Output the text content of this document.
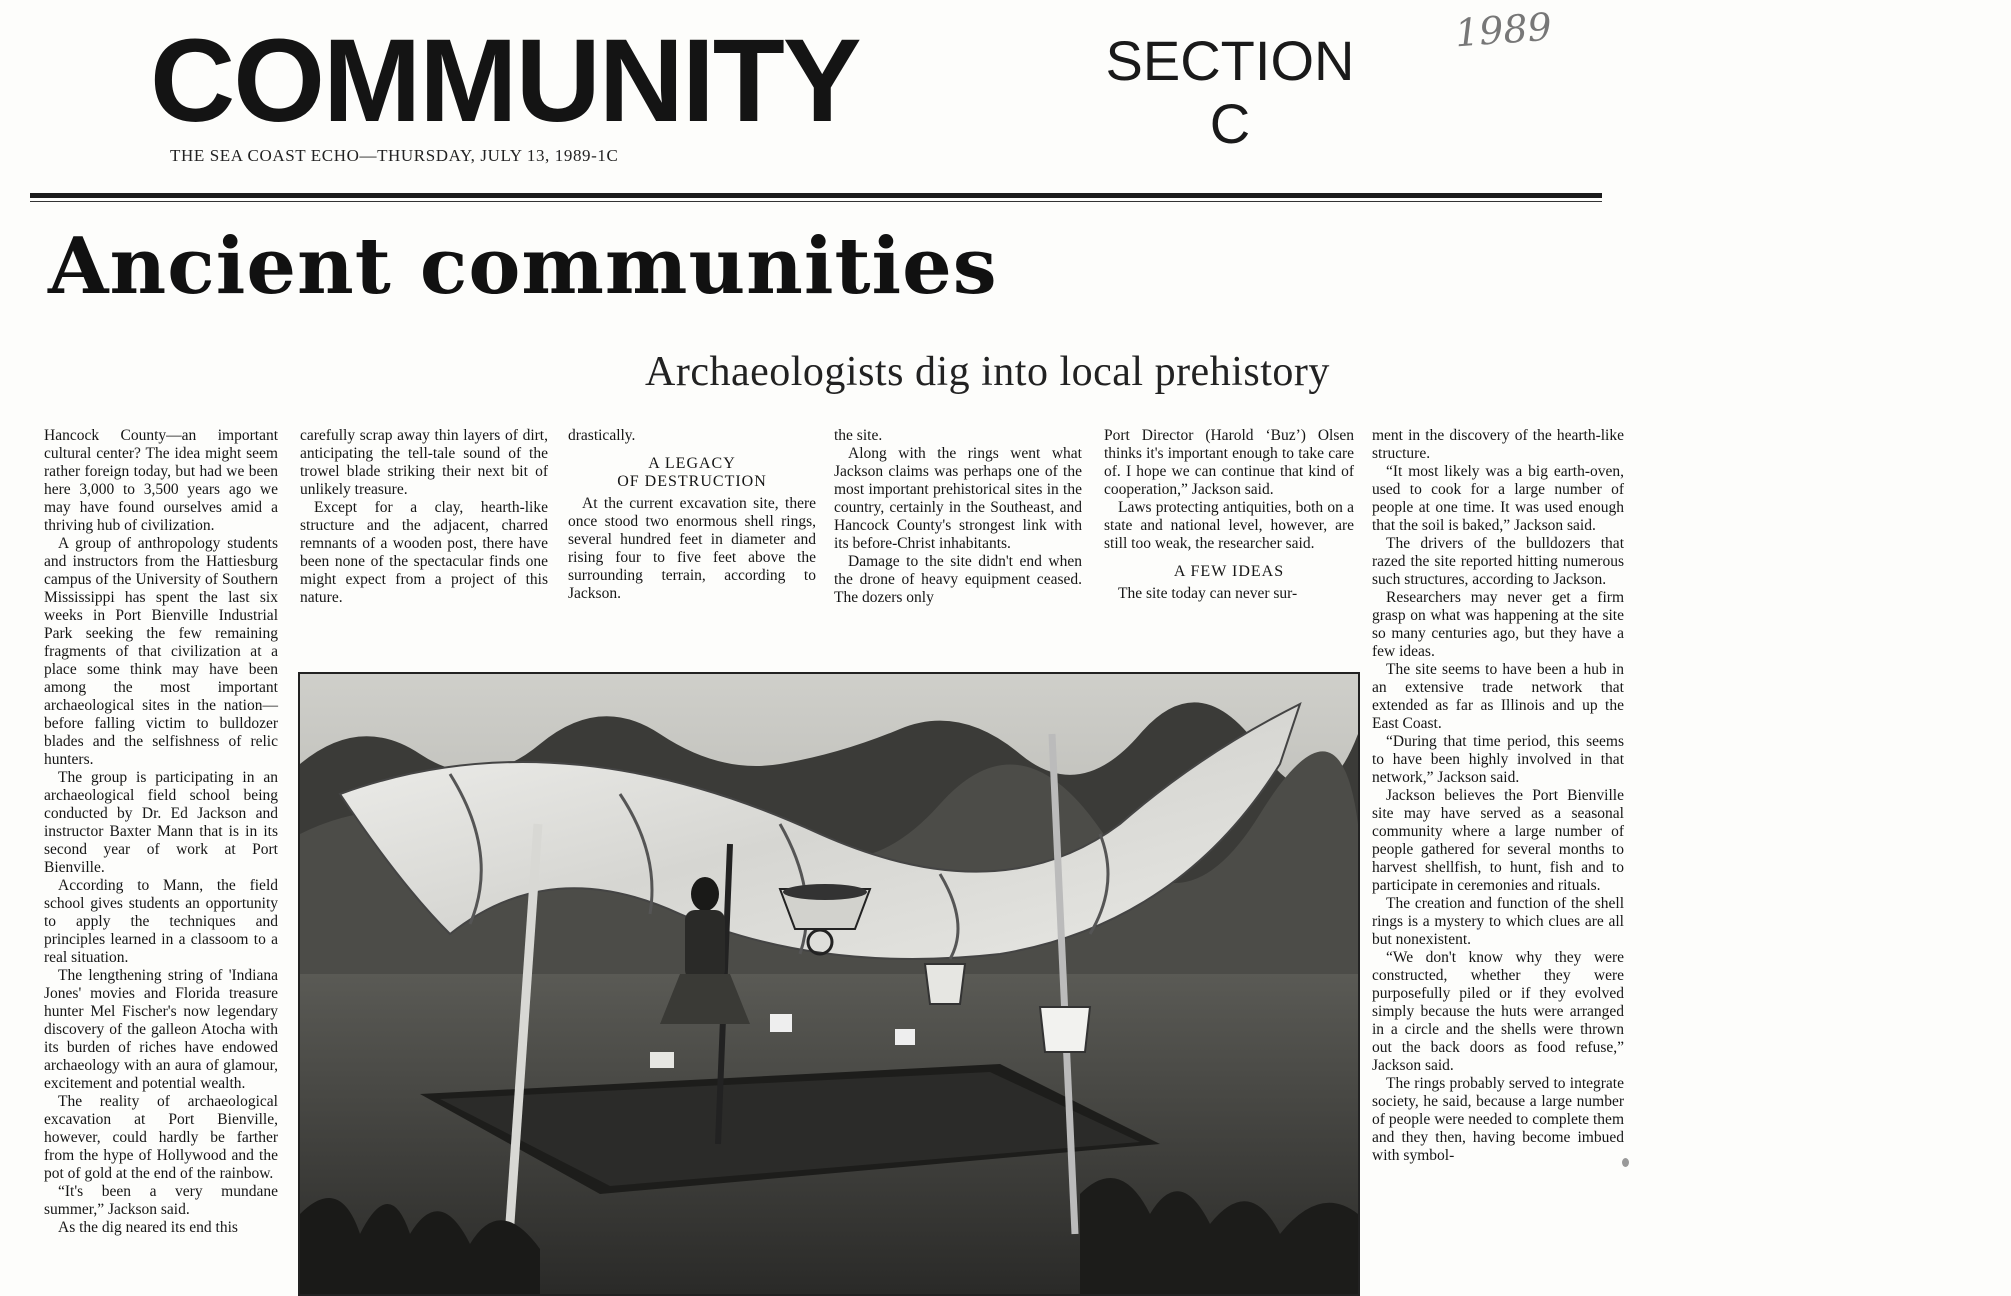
1989
COMMUNITY	SECTION
C
THE SEA COAST ECHO—THURSDAY, JULY 13, 1989-1C
Ancient communities
Archaeologists dig into local prehistory

Hancock County—an important cultural center? The idea might seem rather foreign today, but had we been here 3,000 to 3,500 years ago we may have found ourselves amid a thriving hub of civilization.

A group of anthropology students and instructors from the Hattiesburg campus of the University of Southern Mississippi has spent the last six weeks in Port Bienville Industrial Park seeking the few remaining fragments of that civilization at a place some think may have been among the most important archaeological sites in the nation—before falling victim to bulldozer blades and the selfishness of relic hunters.

The group is participating in an archaeological field school being conducted by Dr. Ed Jackson and instructor Baxter Mann that is in its second year of work at Port Bienville.

According to Mann, the field school gives students an opportunity to apply the techniques and principles learned in a classoom to a real situation.

The lengthening string of 'Indiana Jones' movies and Florida treasure hunter Mel Fischer's now legendary discovery of the galleon Atocha with its burden of riches have endowed archaeology with an aura of glamour, excitement and potential wealth.

The reality of archaeological excavation at Port Bienville, however, could hardly be farther from the hype of Hollywood and the pot of gold at the end of the rainbow.

“It's been a very mundane summer,” Jackson said.

As the dig neared its end this

carefully scrap away thin layers of dirt, anticipating the tell-tale sound of the trowel blade striking their next bit of unlikely treasure.

Except for a clay, hearth-like structure and the adjacent, charred remnants of a wooden post, there have been none of the spectacular finds one might expect from a project of this nature.

drastically.

A LEGACY
OF DESTRUCTION

At the current excavation site, there once stood two enormous shell rings, several hundred feet in diameter and rising four to five feet above the surrounding terrain, according to Jackson.

the site.

Along with the rings went what Jackson claims was perhaps one of the most important prehistorical sites in the country, certainly in the Southeast, and Hancock County's strongest link with its before-Christ inhabitants.

Damage to the site didn't end when the drone of heavy equipment ceased. The dozers only

Port Director (Harold ‘Buz’) Olsen thinks it's important enough to take care of. I hope we can continue that kind of cooperation,” Jackson said.

Laws protecting antiquities, both on a state and national level, however, are still too weak, the researcher said.

A FEW IDEAS

The site today can never sur-

ment in the discovery of the hearth-like structure.

“It most likely was a big earth-oven, used to cook for a large number of people at one time. It was used enough that the soil is baked,” Jackson said.

The drivers of the bulldozers that razed the site reported hitting numerous such structures, according to Jackson.

Researchers may never get a firm grasp on what was happening at the site so many centuries ago, but they have a few ideas.

The site seems to have been a hub in an extensive trade network that extended as far as Illinois and up the East Coast.

“During that time period, this seems to have been highly involved in that network,” Jackson said.

Jackson believes the Port Bienville site may have served as a seasonal community where a large number of people gathered for several months to harvest shellfish, to hunt, fish and to participate in ceremonies and rituals.

The creation and function of the shell rings is a mystery to which clues are all but nonexistent.

“We don't know why they were constructed, whether they were purposefully piled or if they evolved simply because the huts were arranged in a circle and the shells were thrown out the back doors as food refuse,” Jackson said.

The rings probably served to integrate society, he said, because a large number of people were needed to complete them and they then, having become imbued with symbol-
